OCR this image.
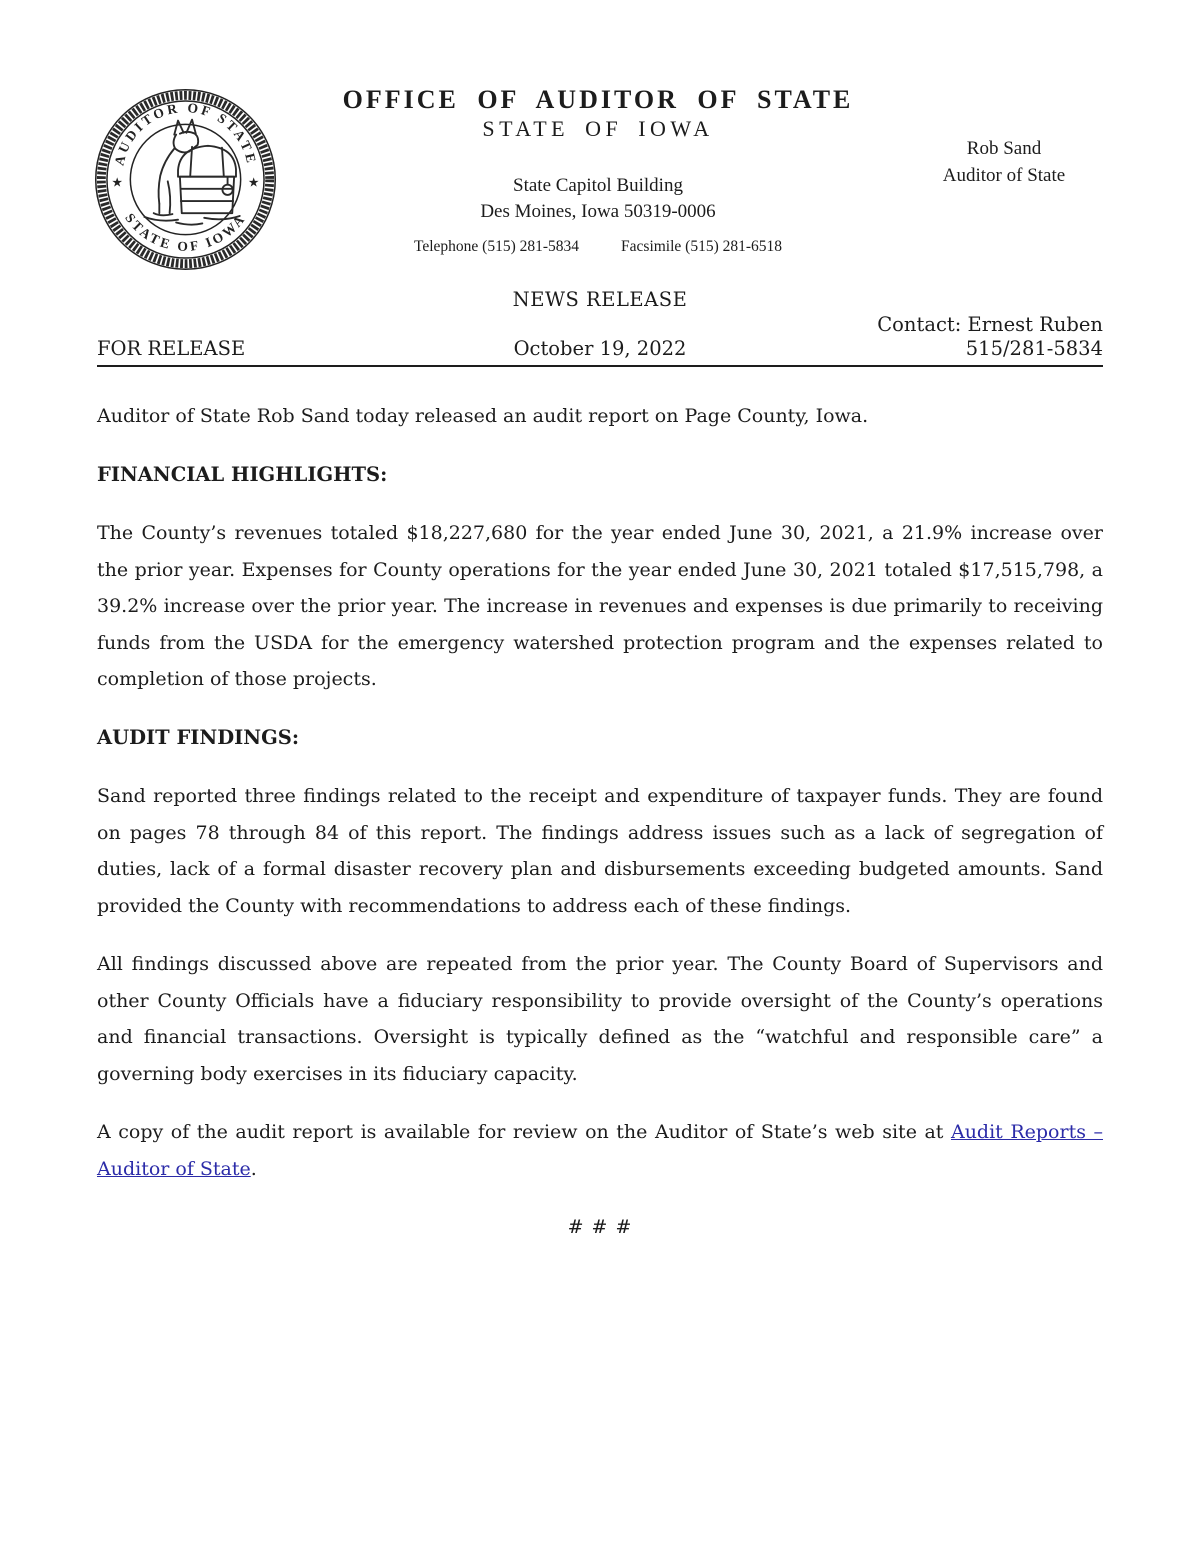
AUDITOR OF STATE
STATE OF IOWA
★	★
OFFICE OF AUDITOR OF STATE
STATE OF IOWA
State Capitol Building
Des Moines, Iowa 50319-0006
Telephone (515) 281-5834	Facsimile (515) 281-6518
Rob Sand
Auditor of State
NEWS RELEASE
Contact: Ernest Ruben
FOR RELEASE	October 19, 2022	515/281-5834

Auditor of State Rob Sand today released an audit report on Page County, Iowa.

FINANCIAL HIGHLIGHTS:

The County’s revenues totaled $18,227,680 for the year ended June 30, 2021, a 21.9% increase over the prior year. Expenses for County operations for the year ended June 30, 2021 totaled $17,515,798, a 39.2% increase over the prior year. The increase in revenues and expenses is due primarily to receiving funds from the USDA for the emergency watershed protection program and the expenses related to completion of those projects.

AUDIT FINDINGS:

Sand reported three findings related to the receipt and expenditure of taxpayer funds. They are found on pages 78 through 84 of this report. The findings address issues such as a lack of segregation of duties, lack of a formal disaster recovery plan and disbursements exceeding budgeted amounts. Sand provided the County with recommendations to address each of these findings.

All findings discussed above are repeated from the prior year. The County Board of Supervisors and other County Officials have a fiduciary responsibility to provide oversight of the County’s operations and financial transactions. Oversight is typically defined as the “watchful and responsible care” a governing body exercises in its fiduciary capacity.

A copy of the audit report is available for review on the Auditor of State’s web site at Audit Reports – Auditor of State.

# # #
